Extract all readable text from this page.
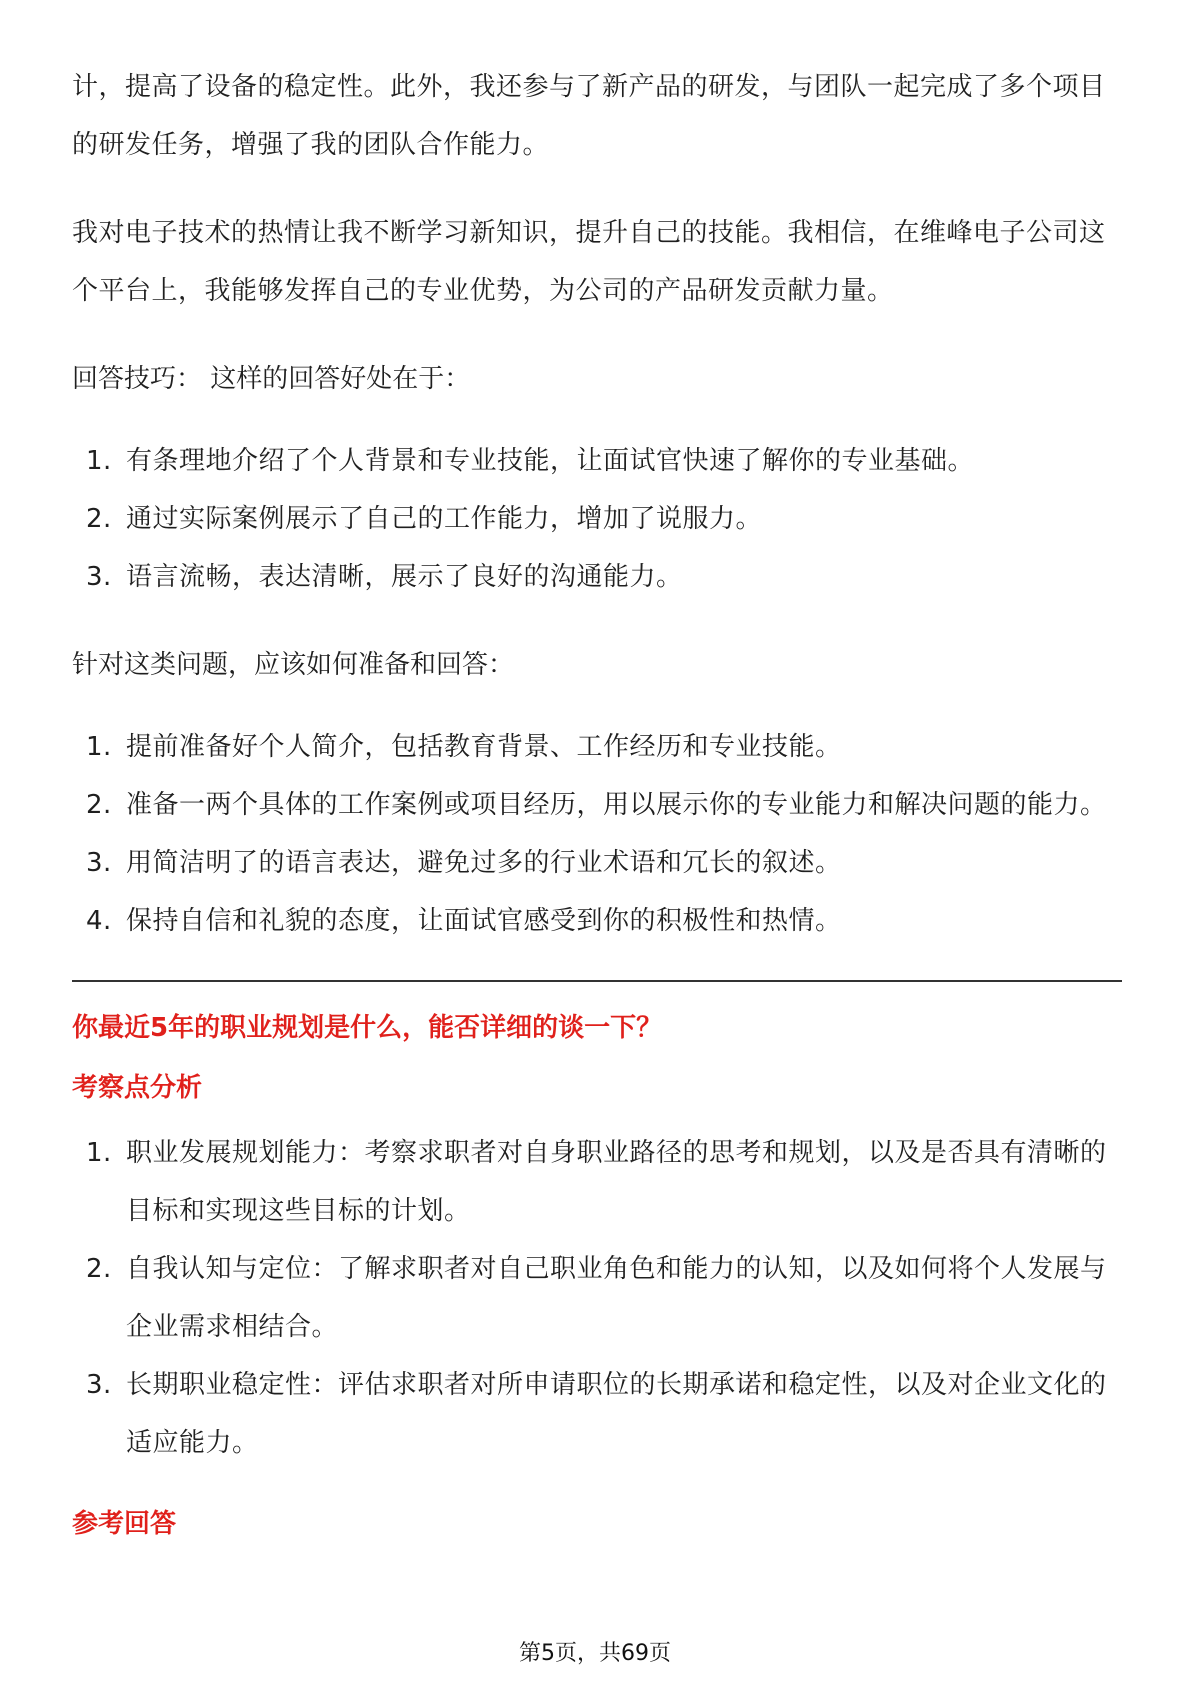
计，提高了设备的稳定性。此外，我还参与了新产品的研发，与团队一起完成了多个项目的研发任务，增强了我的团队合作能力。

我对电子技术的热情让我不断学习新知识，提升自己的技能。我相信，在维峰电子公司这个平台上，我能够发挥自己的专业优势，为公司的产品研发贡献力量。

回答技巧： 这样的回答好处在于：

1. 有条理地介绍了个人背景和专业技能，让面试官快速了解你的专业基础。
2. 通过实际案例展示了自己的工作能力，增加了说服力。
3. 语言流畅，表达清晰，展示了良好的沟通能力。

针对这类问题，应该如何准备和回答：

1. 提前准备好个人简介，包括教育背景、工作经历和专业技能。
2. 准备一两个具体的工作案例或项目经历，用以展示你的专业能力和解决问题的能力。
3. 用简洁明了的语言表达，避免过多的行业术语和冗长的叙述。
4. 保持自信和礼貌的态度，让面试官感受到你的积极性和热情。
你最近5年的职业规划是什么，能否详细的谈一下？
考察点分析
1. 职业发展规划能力：考察求职者对自身职业路径的思考和规划，以及是否具有清晰的目标和实现这些目标的计划。
2. 自我认知与定位：了解求职者对自己职业角色和能力的认知，以及如何将个人发展与企业需求相结合。
3. 长期职业稳定性：评估求职者对所申请职位的长期承诺和稳定性，以及对企业文化的适应能力。
参考回答
第5页，共69页
